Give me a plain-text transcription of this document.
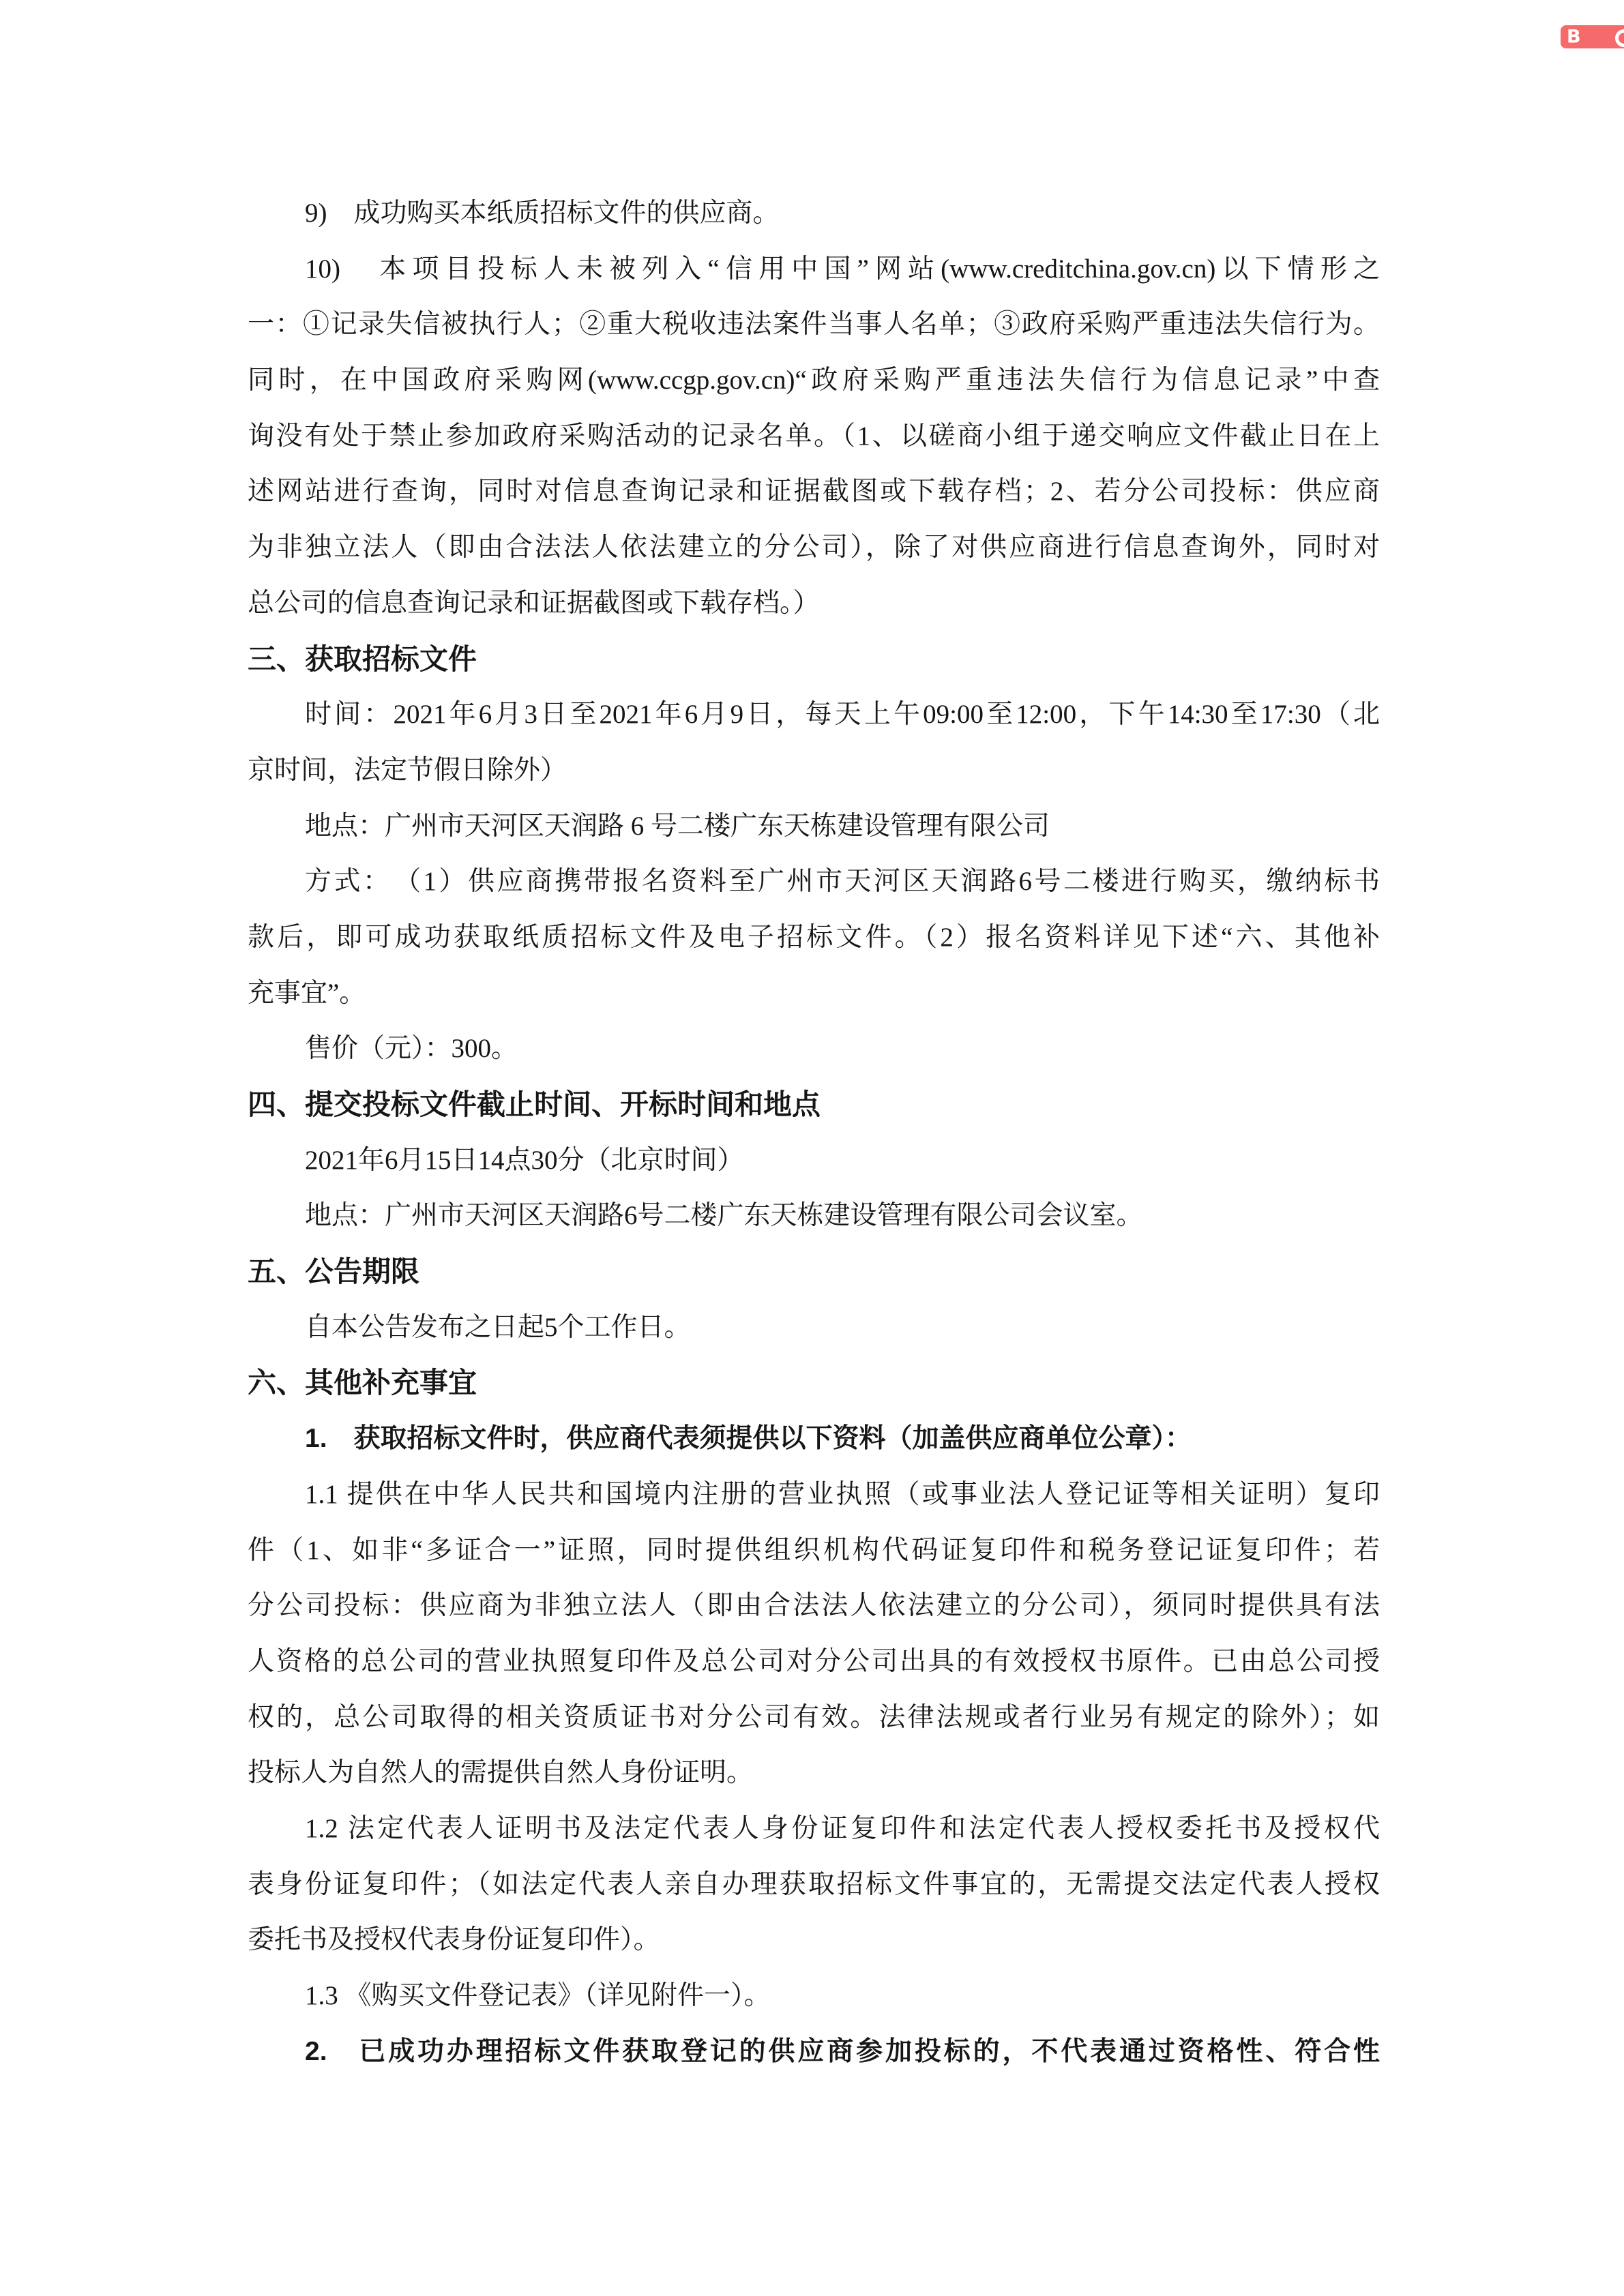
B
9)　成功购买本纸质招标文件的供应商。
10)　本项目投标人未被列入“信用中国”网站(www.creditchina.gov.cn)以下情形之
一：①记录失信被执行人；②重大税收违法案件当事人名单；③政府采购严重违法失信行为。
同时，在中国政府采购网(www.ccgp.gov.cn)“政府采购严重违法失信行为信息记录”中查
询没有处于禁止参加政府采购活动的记录名单。（1、以磋商小组于递交响应文件截止日在上
述网站进行查询，同时对信息查询记录和证据截图或下载存档；2、若分公司投标：供应商
为非独立法人（即由合法法人依法建立的分公司），除了对供应商进行信息查询外，同时对
总公司的信息查询记录和证据截图或下载存档。）
三、获取招标文件
时间：2021年6月3日至2021年6月9日，每天上午09:00至12:00，下午14:30至17:30（北
京时间，法定节假日除外）
地点：广州市天河区天润路 6 号二楼广东天栋建设管理有限公司
方式：　（1）供应商携带报名资料至广州市天河区天润路6号二楼进行购买，缴纳标书
款后，即可成功获取纸质招标文件及电子招标文件。（2）报名资料详见下述“六、其他补
充事宜”。
售价（元）：300。
四、提交投标文件截止时间、开标时间和地点
2021年6月15日14点30分（北京时间）
地点：广州市天河区天润路6号二楼广东天栋建设管理有限公司会议室。
五、公告期限
自本公告发布之日起5个工作日。
六、其他补充事宜
1.　获取招标文件时，供应商代表须提供以下资料（加盖供应商单位公章）：
1.1 提供在中华人民共和国境内注册的营业执照（或事业法人登记证等相关证明）复印
件（1、如非“多证合一”证照，同时提供组织机构代码证复印件和税务登记证复印件；若
分公司投标：供应商为非独立法人（即由合法法人依法建立的分公司），须同时提供具有法
人资格的总公司的营业执照复印件及总公司对分公司出具的有效授权书原件。已由总公司授
权的，总公司取得的相关资质证书对分公司有效。法律法规或者行业另有规定的除外）；如
投标人为自然人的需提供自然人身份证明。
1.2 法定代表人证明书及法定代表人身份证复印件和法定代表人授权委托书及授权代
表身份证复印件；（如法定代表人亲自办理获取招标文件事宜的，无需提交法定代表人授权
委托书及授权代表身份证复印件）。
1.3 《购买文件登记表》（详见附件一）。
2.　已成功办理招标文件获取登记的供应商参加投标的，不代表通过资格性、符合性
